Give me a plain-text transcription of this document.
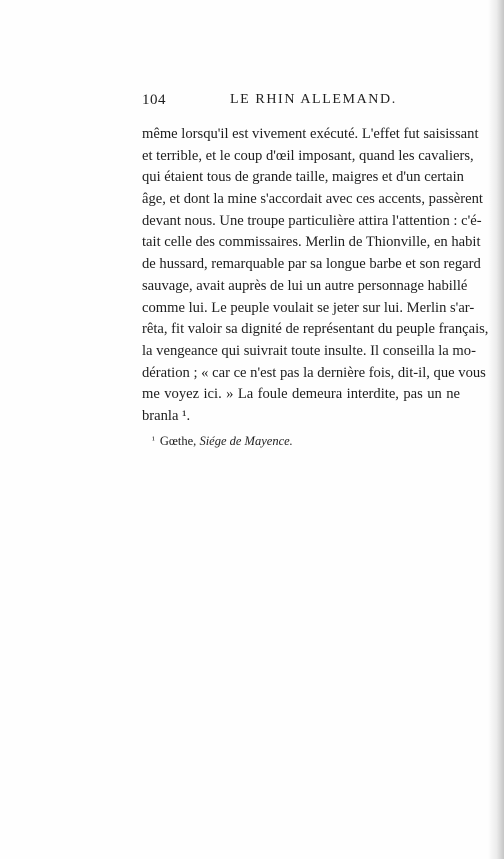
104	LE RHIN ALLEMAND.
même lorsqu'il est vivement exécuté. L'effet fut saisissant
et terrible, et le coup d'œil imposant, quand les cavaliers,
qui étaient tous de grande taille, maigres et d'un certain
âge, et dont la mine s'accordait avec ces accents, passèrent
devant nous. Une troupe particulière attira l'attention : c'é-
tait celle des commissaires. Merlin de Thionville, en habit
de hussard, remarquable par sa longue barbe et son regard
sauvage, avait auprès de lui un autre personnage habillé
comme lui. Le peuple voulait se jeter sur lui. Merlin s'ar-
rêta, fit valoir sa dignité de représentant du peuple français,
la vengeance qui suivrait toute insulte. Il conseilla la mo-
dération ; « car ce n'est pas la dernière fois, dit-il, que vous
me voyez ici. » La foule demeura interdite, pas un ne
branla ¹.
¹ Gœthe, Siége de Mayence.
